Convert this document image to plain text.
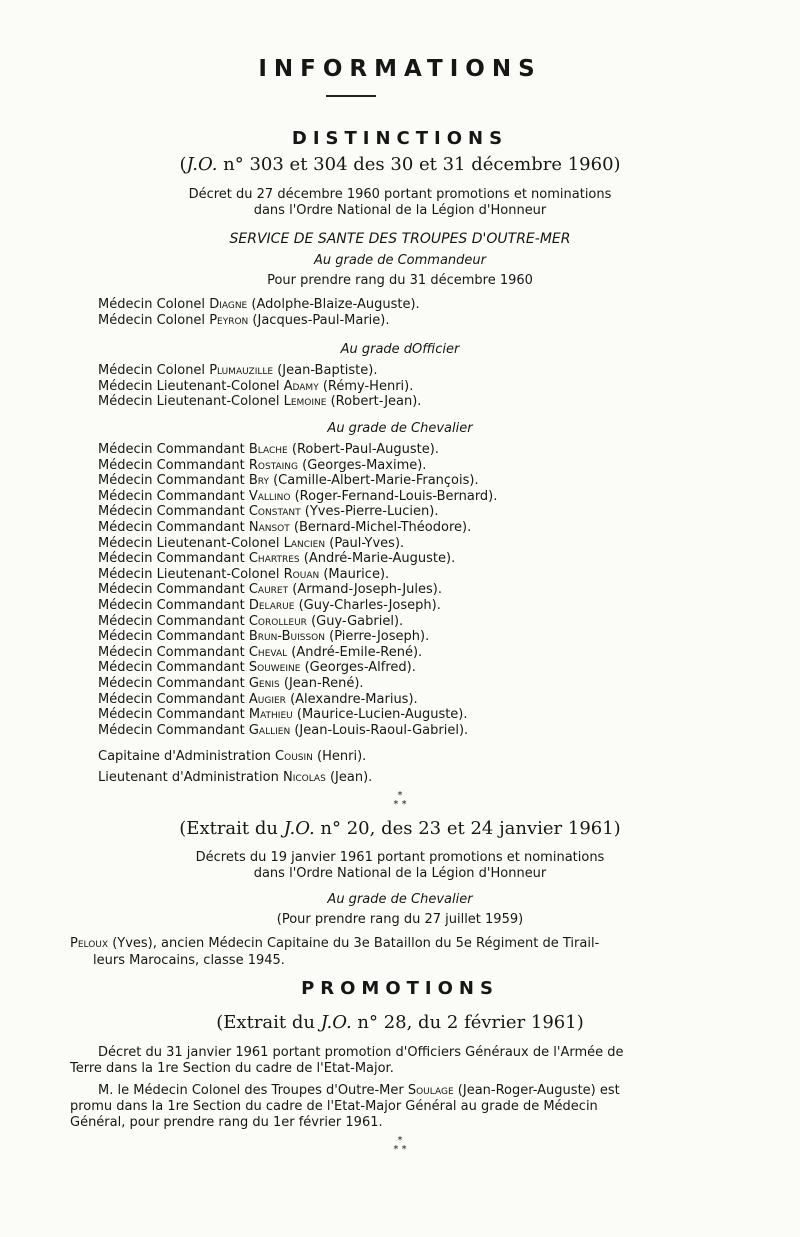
INFORMATIONS
DISTINCTIONS
(J.O. n° 303 et 304 des 30 et 31 décembre 1960)
Décret du 27 décembre 1960 portant promotions et nominations
dans l'Ordre National de la Légion d'Honneur
SERVICE DE SANTE DES TROUPES D'OUTRE-MER
Au grade de Commandeur
Pour prendre rang du 31 décembre 1960
Médecin Colonel Diagne (Adolphe-Blaize-Auguste).
Médecin Colonel Peyron (Jacques-Paul-Marie).
Au grade dOfficier
Médecin Colonel Plumauzille (Jean-Baptiste).
Médecin Lieutenant-Colonel Adamy (Rémy-Henri).
Médecin Lieutenant-Colonel Lemoine (Robert-Jean).
Au grade de Chevalier
Médecin Commandant Blache (Robert-Paul-Auguste).
Médecin Commandant Rostaing (Georges-Maxime).
Médecin Commandant Bry (Camille-Albert-Marie-François).
Médecin Commandant Vallino (Roger-Fernand-Louis-Bernard).
Médecin Commandant Constant (Yves-Pierre-Lucien).
Médecin Commandant Nansot (Bernard-Michel-Théodore).
Médecin Lieutenant-Colonel Lancien (Paul-Yves).
Médecin Commandant Chartres (André-Marie-Auguste).
Médecin Lieutenant-Colonel Rouan (Maurice).
Médecin Commandant Cauret (Armand-Joseph-Jules).
Médecin Commandant Delarue (Guy-Charles-Joseph).
Médecin Commandant Corolleur (Guy-Gabriel).
Médecin Commandant Brun-Buisson (Pierre-Joseph).
Médecin Commandant Cheval (André-Emile-René).
Médecin Commandant Souweine (Georges-Alfred).
Médecin Commandant Genis (Jean-René).
Médecin Commandant Augier (Alexandre-Marius).
Médecin Commandant Mathieu (Maurice-Lucien-Auguste).
Médecin Commandant Gallien (Jean-Louis-Raoul-Gabriel).
Capitaine d'Administration Cousin (Henri).
Lieutenant d'Administration Nicolas (Jean).
*
* *
(Extrait du J.O. n° 20, des 23 et 24 janvier 1961)
Décrets du 19 janvier 1961 portant promotions et nominations
dans l'Ordre National de la Légion d'Honneur
Au grade de Chevalier
(Pour prendre rang du 27 juillet 1959)
Peloux (Yves), ancien Médecin Capitaine du 3e Bataillon du 5e Régiment de Tirail-
leurs Marocains, classe 1945.
PROMOTIONS
(Extrait du J.O. n° 28, du 2 février 1961)
Décret du 31 janvier 1961 portant promotion d'Officiers Généraux de l'Armée de
Terre dans la 1re Section du cadre de l'Etat-Major.
M. le Médecin Colonel des Troupes d'Outre-Mer Soulage (Jean-Roger-Auguste) est
promu dans la 1re Section du cadre de l'Etat-Major Général au grade de Médecin
Général, pour prendre rang du 1er février 1961.
*
* *
